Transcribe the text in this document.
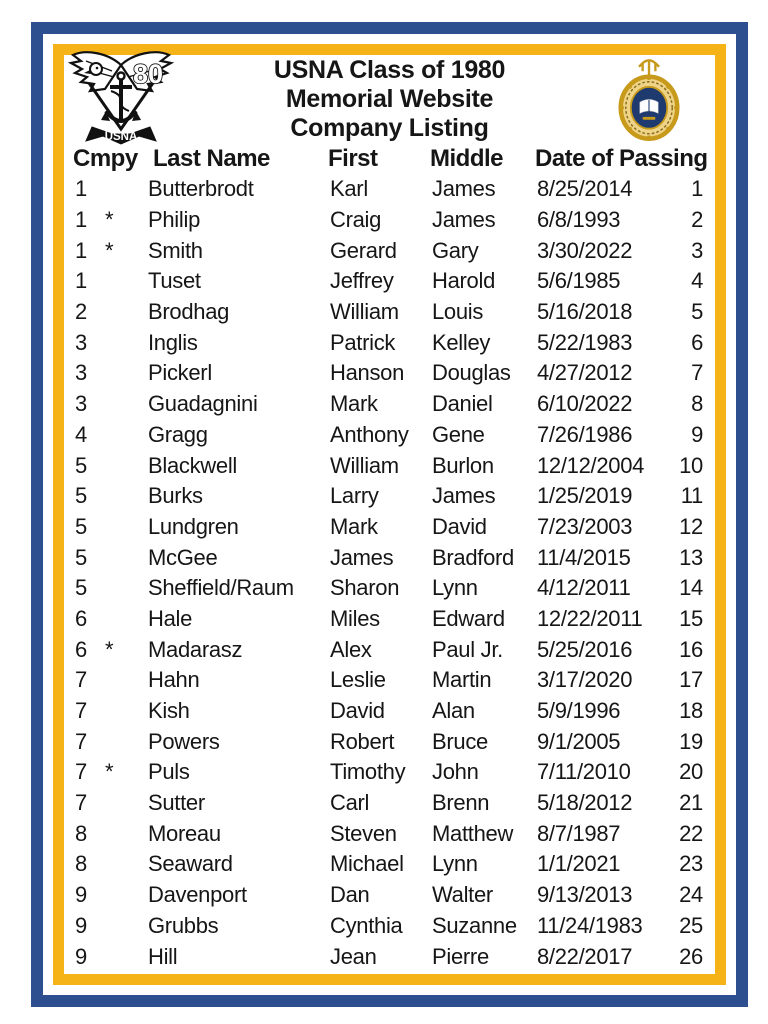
80
USNA
USNA Class of 1980
Memorial Website
Company Listing
Cmpy Last Name	First	Middle	Date of Passing
1	Butterbrodt	Karl	James	8/25/2014	1
1 *	Philip	Craig	James	6/8/1993	2
1 *	Smith	Gerard	Gary	3/30/2022	3
1	Tuset	Jeffrey	Harold	5/6/1985	4
2	Brodhag	William	Louis	5/16/2018	5
3	Inglis	Patrick	Kelley	5/22/1983	6
3	Pickerl	Hanson	Douglas	4/27/2012	7
3	Guadagnini	Mark	Daniel	6/10/2022	8
4	Gragg	Anthony	Gene	7/26/1986	9
5	Blackwell	William	Burlon	12/12/2004	10
5	Burks	Larry	James	1/25/2019	11
5	Lundgren	Mark	David	7/23/2003	12
5	McGee	James	Bradford	11/4/2015	13
5	Sheffield/Raum	Sharon	Lynn	4/12/2011	14
6	Hale	Miles	Edward	12/22/2011	15
6 *	Madarasz	Alex	Paul Jr.	5/25/2016	16
7	Hahn	Leslie	Martin	3/17/2020	17
7	Kish	David	Alan	5/9/1996	18
7	Powers	Robert	Bruce	9/1/2005	19
7 *	Puls	Timothy	John	7/11/2010	20
7	Sutter	Carl	Brenn	5/18/2012	21
8	Moreau	Steven	Matthew	8/7/1987	22
8	Seaward	Michael	Lynn	1/1/2021	23
9	Davenport	Dan	Walter	9/13/2013	24
9	Grubbs	Cynthia	Suzanne 11/24/1983	25
9	Hill	Jean	Pierre	8/22/2017	26
